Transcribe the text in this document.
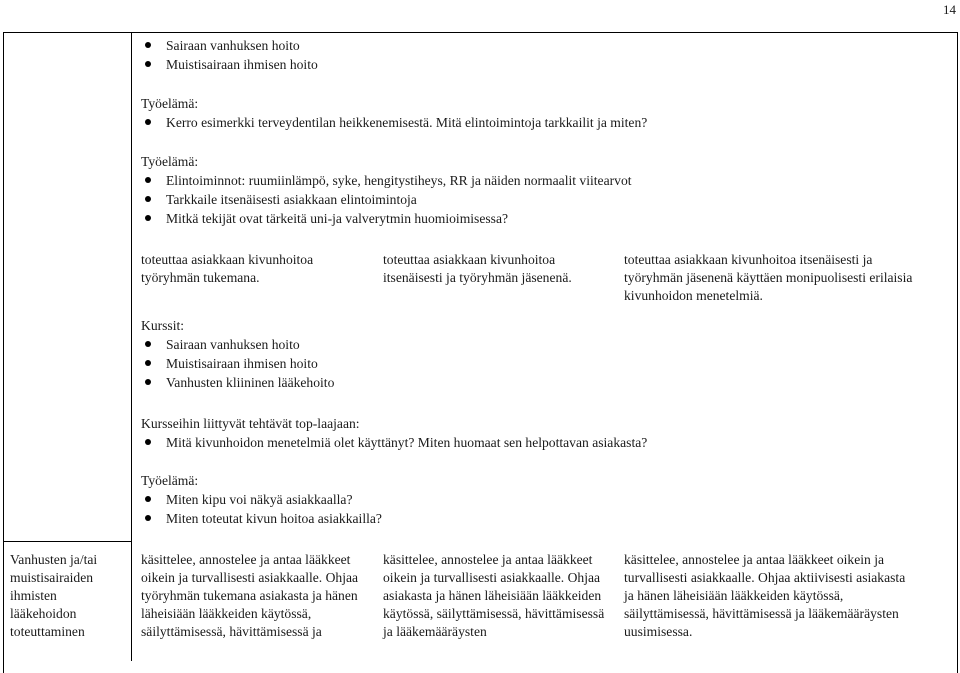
14
Sairaan vanhuksen hoito
Muistisairaan ihmisen hoito

Työelämä:

Kerro esimerkki terveydentilan heikkenemisestä. Mitä elintoimintoja tarkkailit ja miten?

Työelämä:

Elintoiminnot: ruumiinlämpö, syke, hengitystiheys, RR ja näiden normaalit viitearvot
Tarkkaile itsenäisesti asiakkaan elintoimintoja
Mitkä tekijät ovat tärkeitä uni-ja valverytmin huomioimisessa?
toteuttaa asiakkaan kivunhoitoa työryhmän tukemana.
toteuttaa asiakkaan kivunhoitoa itsenäisesti ja työryhmän jäsenenä.
toteuttaa asiakkaan kivunhoitoa itsenäisesti ja työryhmän jäsenenä käyttäen monipuolisesti erilaisia kivunhoidon menetelmiä.

Kurssit:

Sairaan vanhuksen hoito
Muistisairaan ihmisen hoito
Vanhusten kliininen lääkehoito

Kursseihin liittyvät tehtävät top-laajaan:

Mitä kivunhoidon menetelmiä olet käyttänyt? Miten huomaat sen helpottavan asiakasta?

Työelämä:

Miten kipu voi näkyä asiakkaalla?
Miten toteutat kivun hoitoa asiakkailla?
Vanhusten ja/tai muistisairaiden ihmisten lääkehoidon toteuttaminen
käsittelee, annostelee ja antaa lääkkeet oikein ja turvallisesti asiakkaalle. Ohjaa työryhmän tukemana asiakasta ja hänen läheisiään lääkkeiden käytössä, säilyttämisessä, hävittämisessä ja
käsittelee, annostelee ja antaa lääkkeet oikein ja turvallisesti asiakkaalle. Ohjaa asiakasta ja hänen läheisiään lääkkeiden käytössä, säilyttämisessä, hävittämisessä ja lääkemääräysten
käsittelee, annostelee ja antaa lääkkeet oikein ja turvallisesti asiakkaalle. Ohjaa aktiivisesti asiakasta ja hänen läheisiään lääkkeiden käytössä, säilyttämisessä, hävittämisessä ja lääkemääräysten uusimisessa.
